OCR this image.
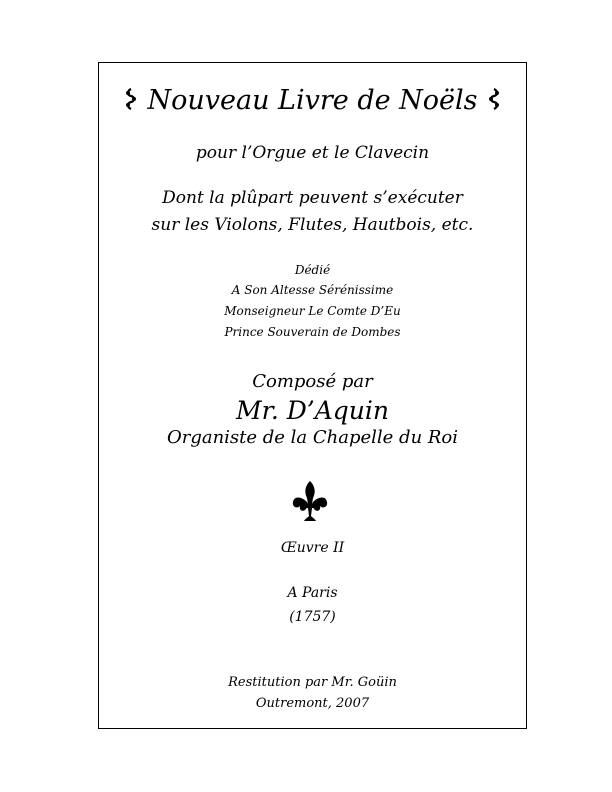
Nouveau Livre de Noëls
pour l’Orgue et le Clavecin
Dont la plûpart peuvent s’exécuter
sur les Violons, Flutes, Hautbois, etc.
Dédié
A Son Altesse Sérénissime
Monseigneur Le Comte D’Eu
Prince Souverain de Dombes
Composé par
Mr. D’Aquin
Organiste de la Chapelle du Roi
Œuvre II
A Paris
(1757)
Restitution par Mr. Goüin
Outremont, 2007
